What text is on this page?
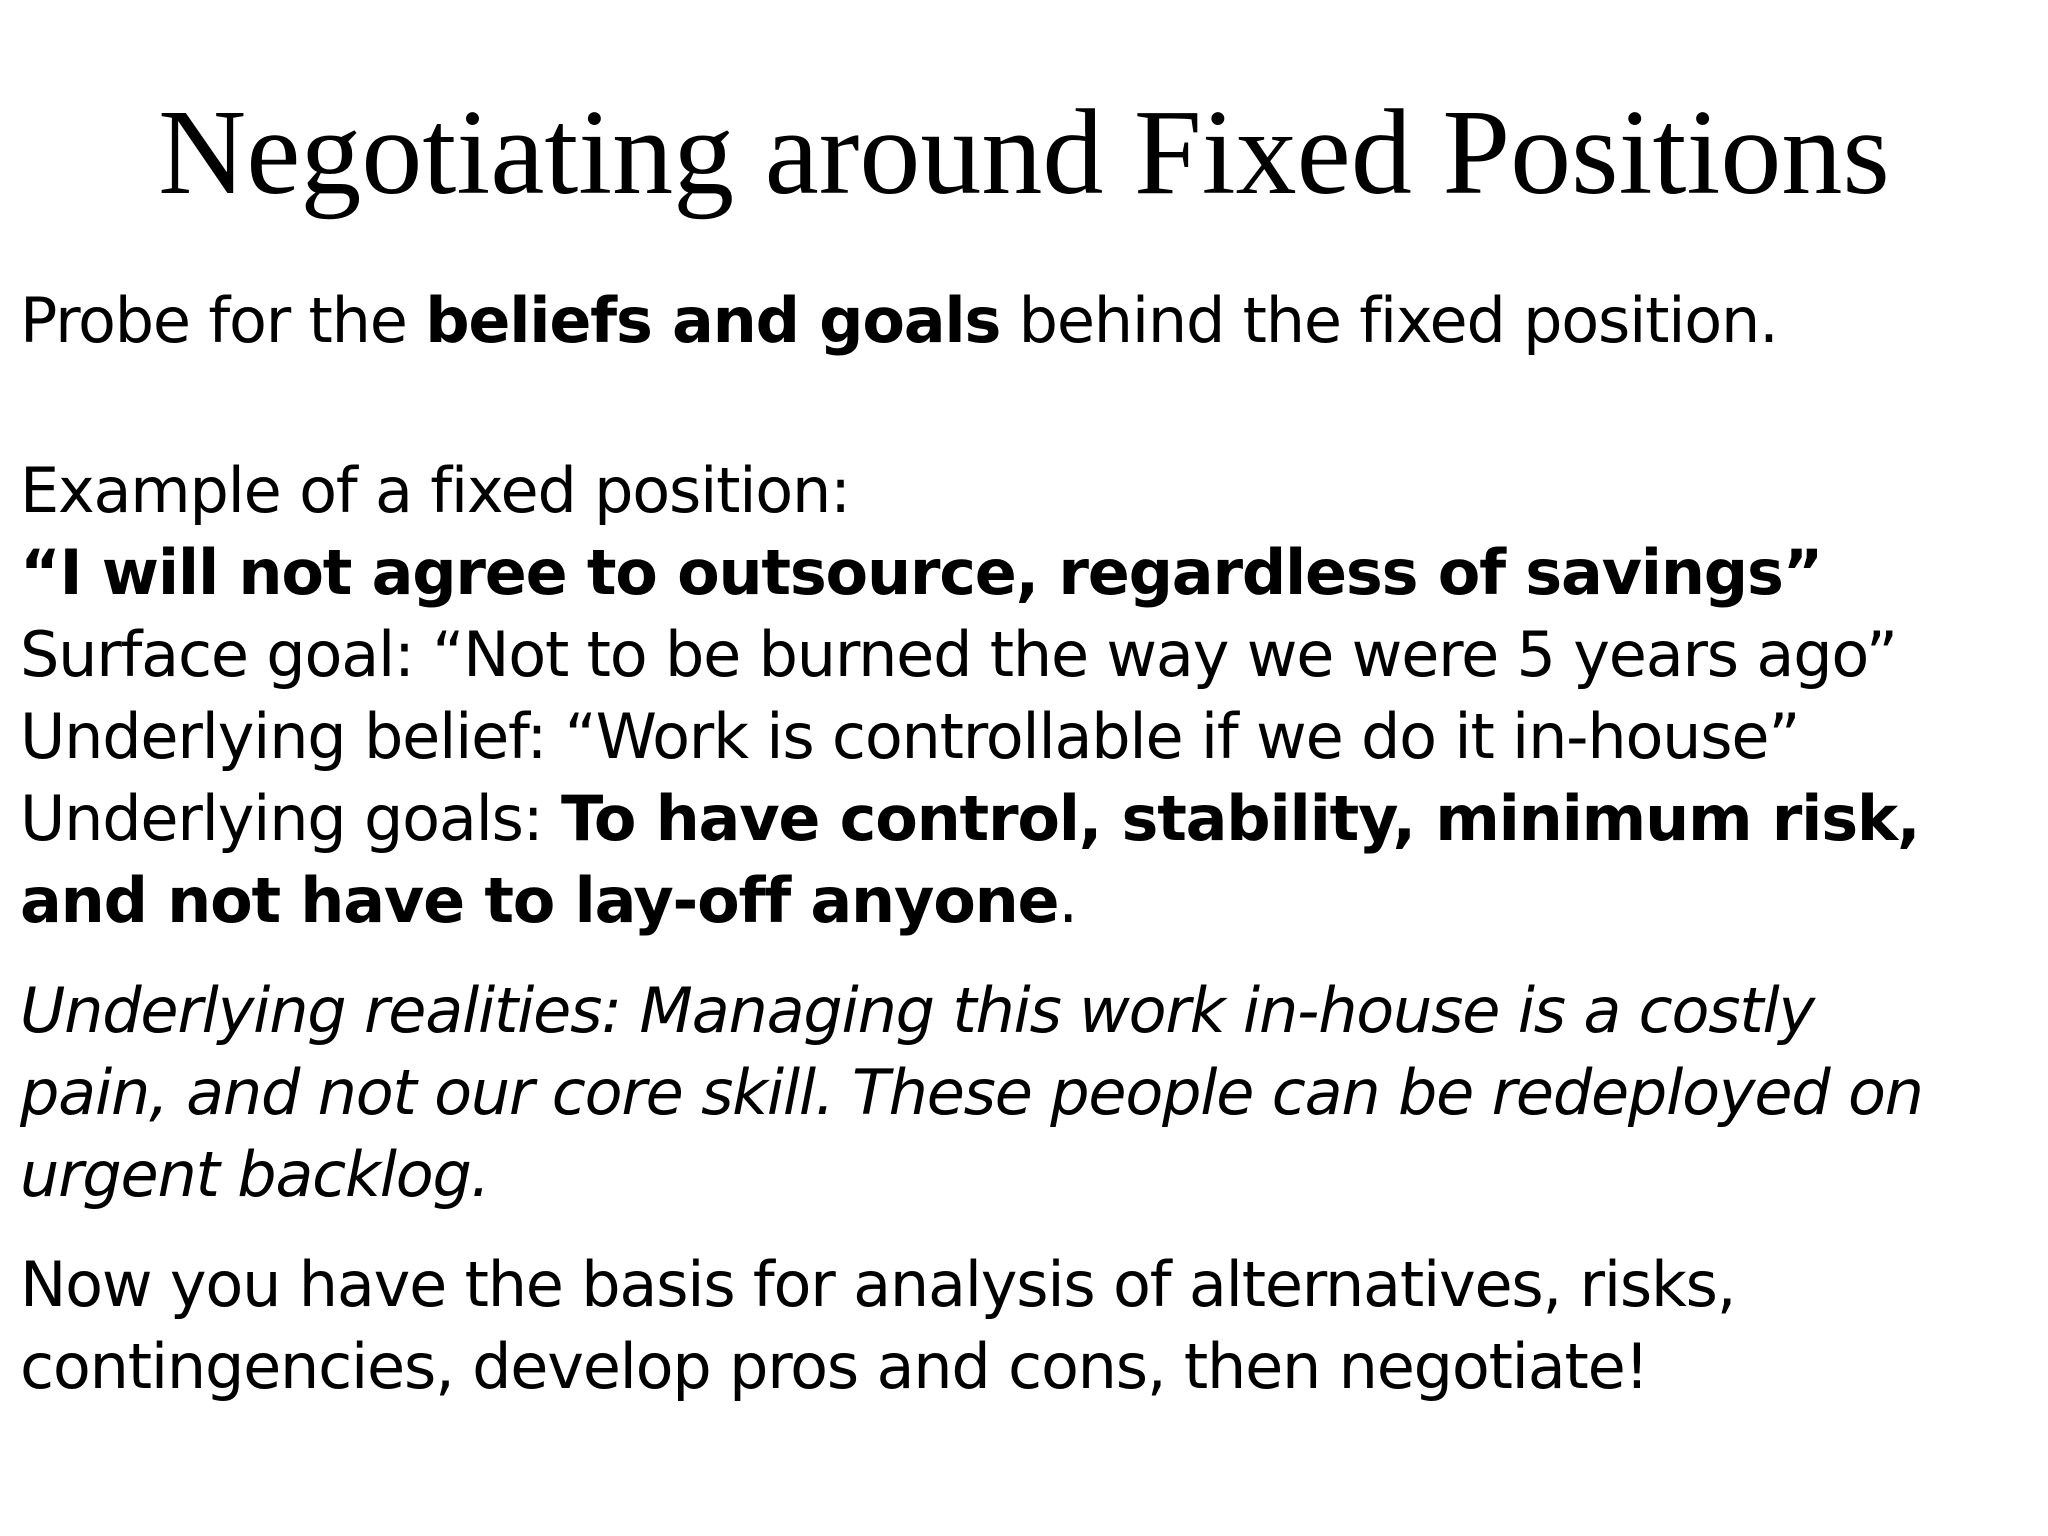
Negotiating around Fixed Positions
Probe for the beliefs and goals behind the fixed position.
Example of a fixed position:
“I will not agree to outsource, regardless of savings”
Surface goal: “Not to be burned the way we were 5 years ago”
Underlying belief: “Work is controllable if we do it in-house”
Underlying goals: To have control, stability, minimum risk,
and not have to lay-off anyone.
Underlying realities: Managing this work in-house is a costly
pain, and not our core skill. These people can be redeployed on
urgent backlog.
Now you have the basis for analysis of alternatives, risks,
contingencies, develop pros and cons, then negotiate!
